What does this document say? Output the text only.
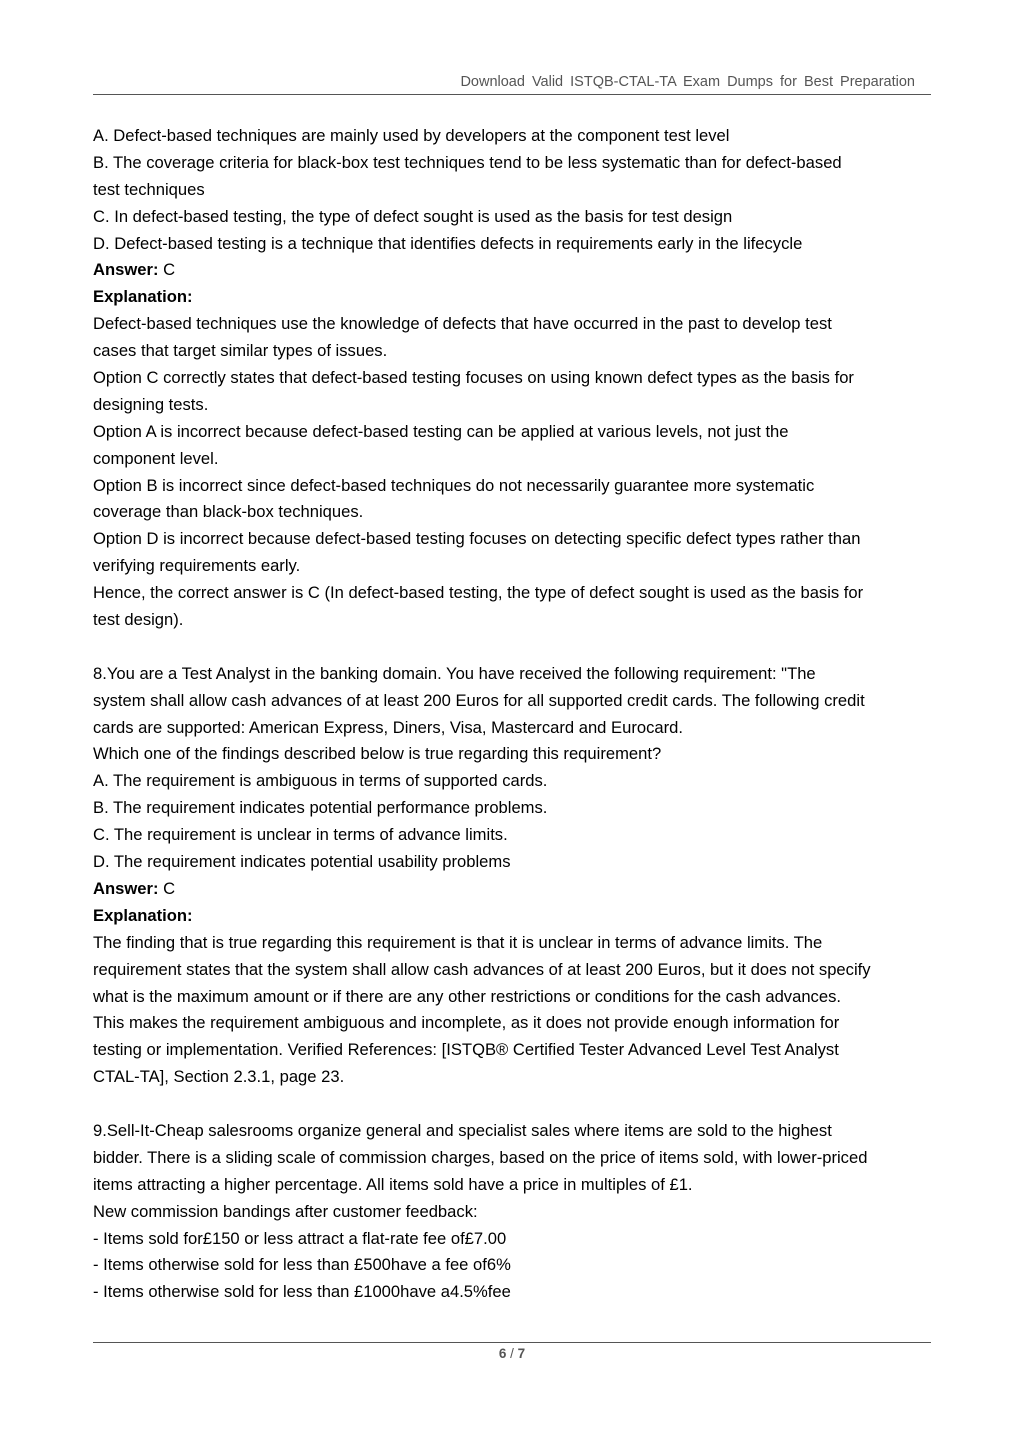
Download Valid ISTQB-CTAL-TA Exam Dumps for Best Preparation
A. Defect-based techniques are mainly used by developers at the component test level
B. The coverage criteria for black-box test techniques tend to be less systematic than for defect-based
test techniques
C. In defect-based testing, the type of defect sought is used as the basis for test design
D. Defect-based testing is a technique that identifies defects in requirements early in the lifecycle
Answer: C
Explanation:
Defect-based techniques use the knowledge of defects that have occurred in the past to develop test
cases that target similar types of issues.
Option C correctly states that defect-based testing focuses on using known defect types as the basis for
designing tests.
Option A is incorrect because defect-based testing can be applied at various levels, not just the
component level.
Option B is incorrect since defect-based techniques do not necessarily guarantee more systematic
coverage than black-box techniques.
Option D is incorrect because defect-based testing focuses on detecting specific defect types rather than
verifying requirements early.
Hence, the correct answer is C (In defect-based testing, the type of defect sought is used as the basis for
test design).
8.You are a Test Analyst in the banking domain. You have received the following requirement: "The
system shall allow cash advances of at least 200 Euros for all supported credit cards. The following credit
cards are supported: American Express, Diners, Visa, Mastercard and Eurocard.
Which one of the findings described below is true regarding this requirement?
A. The requirement is ambiguous in terms of supported cards.
B. The requirement indicates potential performance problems.
C. The requirement is unclear in terms of advance limits.
D. The requirement indicates potential usability problems
Answer: C
Explanation:
The finding that is true regarding this requirement is that it is unclear in terms of advance limits. The
requirement states that the system shall allow cash advances of at least 200 Euros, but it does not specify
what is the maximum amount or if there are any other restrictions or conditions for the cash advances.
This makes the requirement ambiguous and incomplete, as it does not provide enough information for
testing or implementation. Verified References: [ISTQB® Certified Tester Advanced Level Test Analyst
CTAL-TA], Section 2.3.1, page 23.
9.Sell-It-Cheap salesrooms organize general and specialist sales where items are sold to the highest
bidder. There is a sliding scale of commission charges, based on the price of items sold, with lower-priced
items attracting a higher percentage. All items sold have a price in multiples of £1.
New commission bandings after customer feedback:
- Items sold for£150 or less attract a flat-rate fee of£7.00
- Items otherwise sold for less than £500have a fee of6%
- Items otherwise sold for less than £1000have a4.5%fee
6 / 7
